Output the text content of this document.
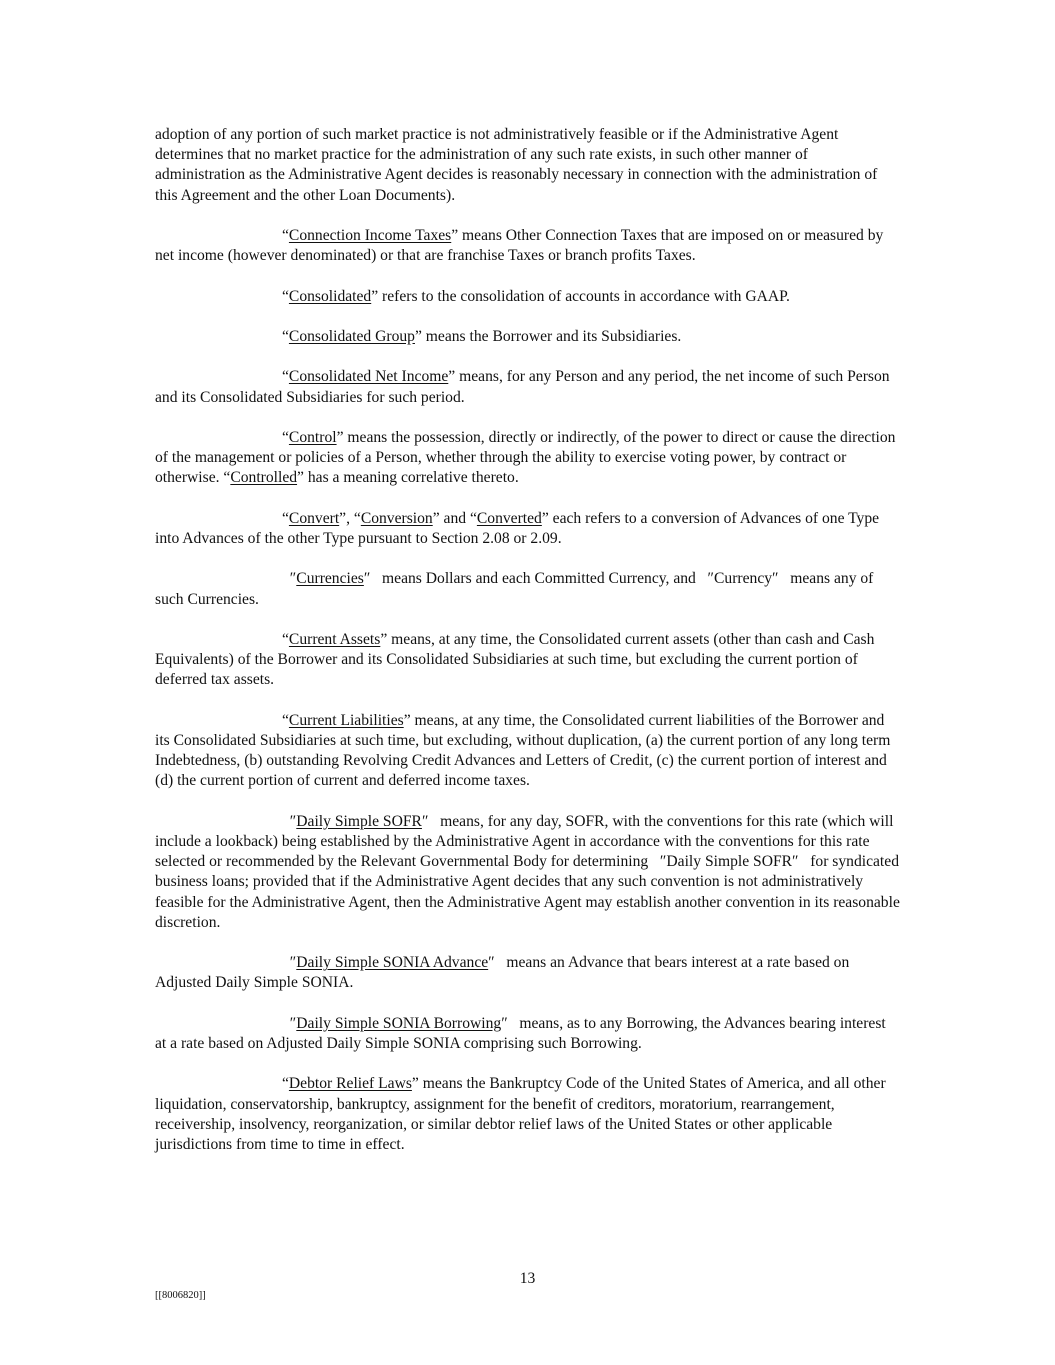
adoption of any portion of such market practice is not administratively feasible or if the Administrative Agent determines that no market practice for the administration of any such rate exists, in such other manner of administration as the Administrative Agent decides is reasonably necessary in connection with the administration of this Agreement and the other Loan Documents).

“Connection Income Taxes” means Other Connection Taxes that are imposed on or measured by net income (however denominated) or that are franchise Taxes or branch profits Taxes.

“Consolidated” refers to the consolidation of accounts in accordance with GAAP.

“Consolidated Group” means the Borrower and its Subsidiaries.

“Consolidated Net Income” means, for any Person and any period, the net income of such Person and its Consolidated Subsidiaries for such period.

“Control” means the possession, directly or indirectly, of the power to direct or cause the direction of the management or policies of a Person, whether through the ability to exercise voting power, by contract or otherwise. “Controlled” has a meaning correlative thereto.

“Convert”, “Conversion” and “Converted” each refers to a conversion of Advances of one Type into Advances of the other Type pursuant to Section 2.08 or 2.09.

″Currencies″   means Dollars and each Committed Currency, and   ″Currency″   means any of such Currencies.

“Current Assets” means, at any time, the Consolidated current assets (other than cash and Cash Equivalents) of the Borrower and its Consolidated Subsidiaries at such time, but excluding the current portion of deferred tax assets.

“Current Liabilities” means, at any time, the Consolidated current liabilities of the Borrower and its Consolidated Subsidiaries at such time, but excluding, without duplication, (a) the current portion of any long term Indebtedness, (b) outstanding Revolving Credit Advances and Letters of Credit, (c) the current portion of interest and (d) the current portion of current and deferred income taxes.

″Daily Simple SOFR″   means, for any day, SOFR, with the conventions for this rate (which will include a lookback) being established by the Administrative Agent in accordance with the conventions for this rate selected or recommended by the Relevant Governmental Body for determining   ″Daily Simple SOFR″   for syndicated business loans; provided that if the Administrative Agent decides that any such convention is not administratively feasible for the Administrative Agent, then the Administrative Agent may establish another convention in its reasonable discretion.

″Daily Simple SONIA Advance″   means an Advance that bears interest at a rate based on Adjusted Daily Simple SONIA.

″Daily Simple SONIA Borrowing″   means, as to any Borrowing, the Advances bearing interest at a rate based on Adjusted Daily Simple SONIA comprising such Borrowing.

“Debtor Relief Laws” means the Bankruptcy Code of the United States of America, and all other liquidation, conservatorship, bankruptcy, assignment for the benefit of creditors, moratorium, rearrangement, receivership, insolvency, reorganization, or similar debtor relief laws of the United States or other applicable jurisdictions from time to time in effect.

13
[[8006820]]
